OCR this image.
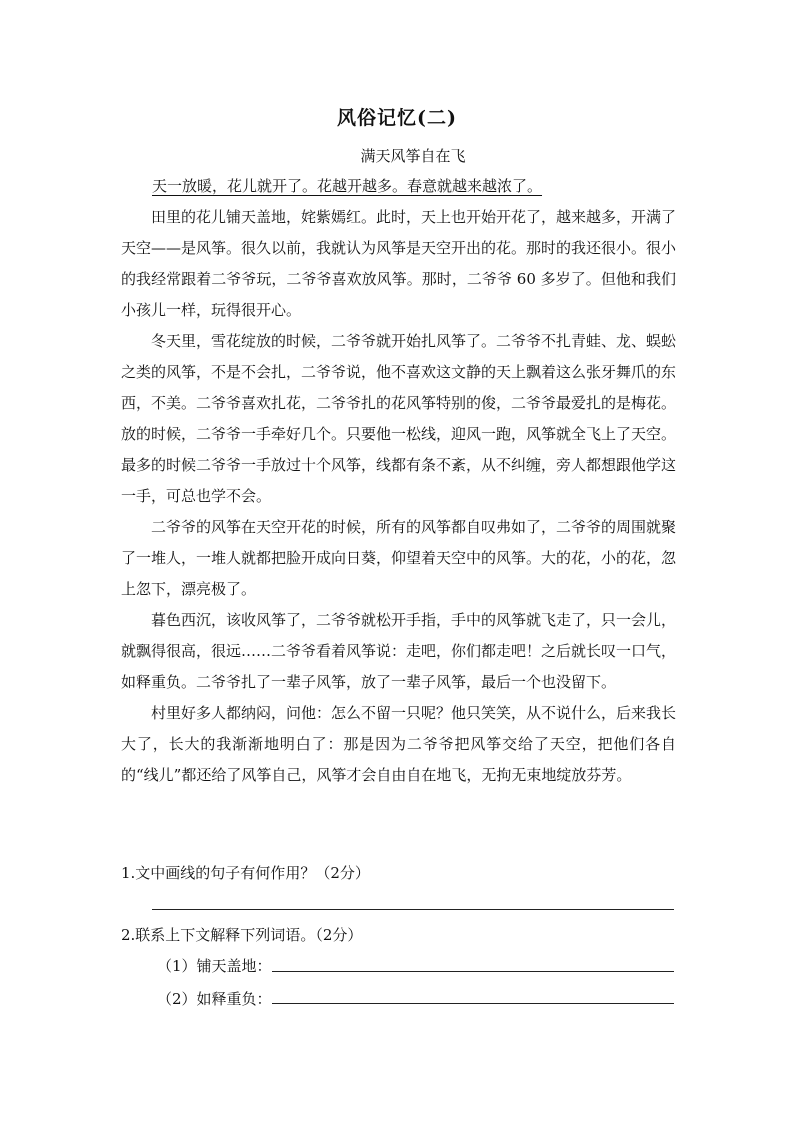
风俗记忆(二)
满天风筝自在飞
天一放暖，花儿就开了。花越开越多。春意就越来越浓了。

田里的花儿铺天盖地，姹紫嫣红。此时，天上也开始开花了，越来越多，开满了天空——是风筝。很久以前，我就认为风筝是天空开出的花。那时的我还很小。很小的我经常跟着二爷爷玩，二爷爷喜欢放风筝。那时，二爷爷 60 多岁了。但他和我们小孩儿一样，玩得很开心。

冬天里，雪花绽放的时候，二爷爷就开始扎风筝了。二爷爷不扎青蛙、龙、蜈蚣之类的风筝，不是不会扎，二爷爷说，他不喜欢这文静的天上飘着这么张牙舞爪的东西，不美。二爷爷喜欢扎花，二爷爷扎的花风筝特别的俊，二爷爷最爱扎的是梅花。放的时候，二爷爷一手牵好几个。只要他一松线，迎风一跑，风筝就全飞上了天空。最多的时候二爷爷一手放过十个风筝，线都有条不紊，从不纠缠，旁人都想跟他学这一手，可总也学不会。

二爷爷的风筝在天空开花的时候，所有的风筝都自叹弗如了，二爷爷的周围就聚了一堆人，一堆人就都把脸开成向日葵，仰望着天空中的风筝。大的花，小的花，忽上忽下，漂亮极了。

暮色西沉，该收风筝了，二爷爷就松开手指，手中的风筝就飞走了，只一会儿，就飘得很高，很远……二爷爷看着风筝说：走吧，你们都走吧！之后就长叹一口气，如释重负。二爷爷扎了一辈子风筝，放了一辈子风筝，最后一个也没留下。

村里好多人都纳闷，问他：怎么不留一只呢？他只笑笑，从不说什么，后来我长大了，长大的我渐渐地明白了：那是因为二爷爷把风筝交给了天空，把他们各自的“线儿”都还给了风筝自己，风筝才会自由自在地飞，无拘无束地绽放芬芳。

1.文中画线的句子有何作用？（2分）
2.联系上下文解释下列词语。（2分）
（1）铺天盖地：
（2）如释重负：
